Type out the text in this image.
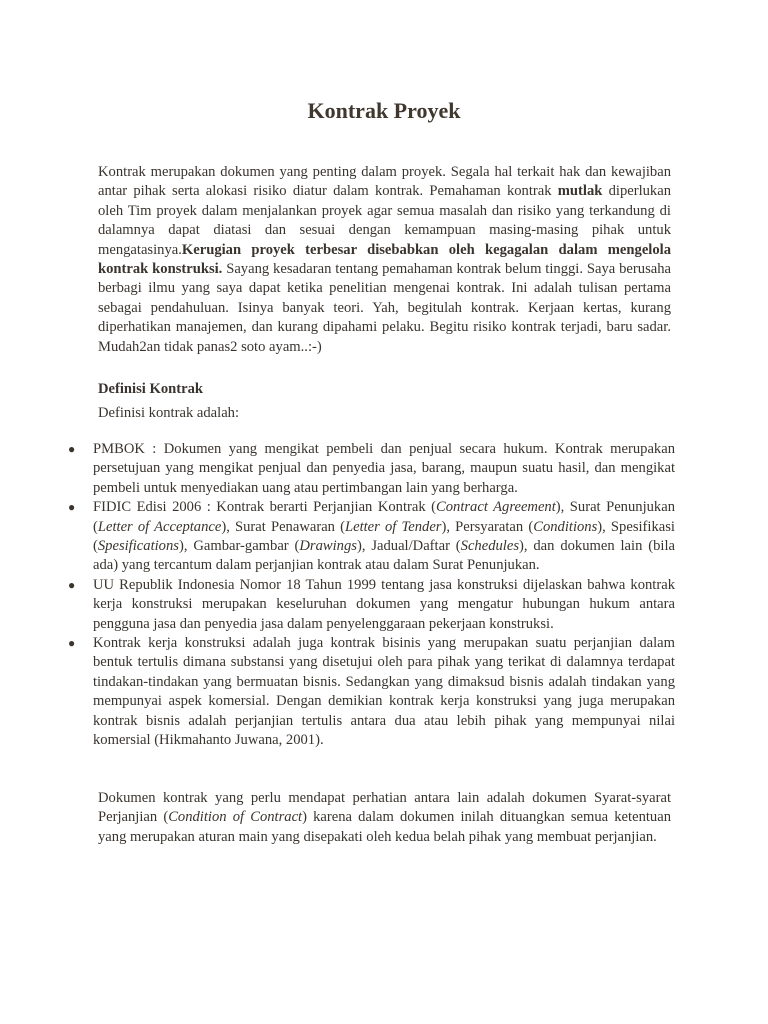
Kontrak Proyek

Kontrak merupakan dokumen yang penting dalam proyek. Segala hal terkait hak dan kewajiban antar pihak serta alokasi risiko diatur dalam kontrak. Pemahaman kontrak mutlak diperlukan oleh Tim proyek dalam menjalankan proyek agar semua masalah dan risiko yang terkandung di dalamnya dapat diatasi dan sesuai dengan kemampuan masing-masing pihak untuk mengatasinya.Kerugian proyek terbesar disebabkan oleh kegagalan dalam mengelola kontrak konstruksi. Sayang kesadaran tentang pemahaman kontrak belum tinggi. Saya berusaha berbagi ilmu yang saya dapat ketika penelitian mengenai kontrak. Ini adalah tulisan pertama sebagai pendahuluan. Isinya banyak teori. Yah, begitulah kontrak. Kerjaan kertas, kurang diperhatikan manajemen, dan kurang dipahami pelaku. Begitu risiko kontrak terjadi, baru sadar. Mudah2an tidak panas2 soto ayam..:-)

Definisi Kontrak

Definisi kontrak adalah:

● PMBOK : Dokumen yang mengikat pembeli dan penjual secara hukum. Kontrak merupakan persetujuan yang mengikat penjual dan penyedia jasa, barang, maupun suatu hasil, dan mengikat pembeli untuk menyediakan uang atau pertimbangan lain yang berharga.
● FIDIC Edisi 2006 : Kontrak berarti Perjanjian Kontrak (Contract Agreement), Surat Penunjukan (Letter of Acceptance), Surat Penawaran (Letter of Tender), Persyaratan (Conditions), Spesifikasi (Spesifications), Gambar-gambar (Drawings), Jadual/Daftar (Schedules), dan dokumen lain (bila ada) yang tercantum dalam perjanjian kontrak atau dalam Surat Penunjukan.
● UU Republik Indonesia Nomor 18 Tahun 1999 tentang jasa konstruksi dijelaskan bahwa kontrak kerja konstruksi merupakan keseluruhan dokumen yang mengatur hubungan hukum antara pengguna jasa dan penyedia jasa dalam penyelenggaraan pekerjaan konstruksi.
● Kontrak kerja konstruksi adalah juga kontrak bisinis yang merupakan suatu perjanjian dalam bentuk tertulis dimana substansi yang disetujui oleh para pihak yang terikat di dalamnya terdapat tindakan-tindakan yang bermuatan bisnis. Sedangkan yang dimaksud bisnis adalah tindakan yang mempunyai aspek komersial. Dengan demikian kontrak kerja konstruksi yang juga merupakan kontrak bisnis adalah perjanjian tertulis antara dua atau lebih pihak yang mempunyai nilai komersial (Hikmahanto Juwana, 2001).

Dokumen kontrak yang perlu mendapat perhatian antara lain adalah dokumen Syarat-syarat Perjanjian (Condition of Contract) karena dalam dokumen inilah dituangkan semua ketentuan yang merupakan aturan main yang disepakati oleh kedua belah pihak yang membuat perjanjian.
